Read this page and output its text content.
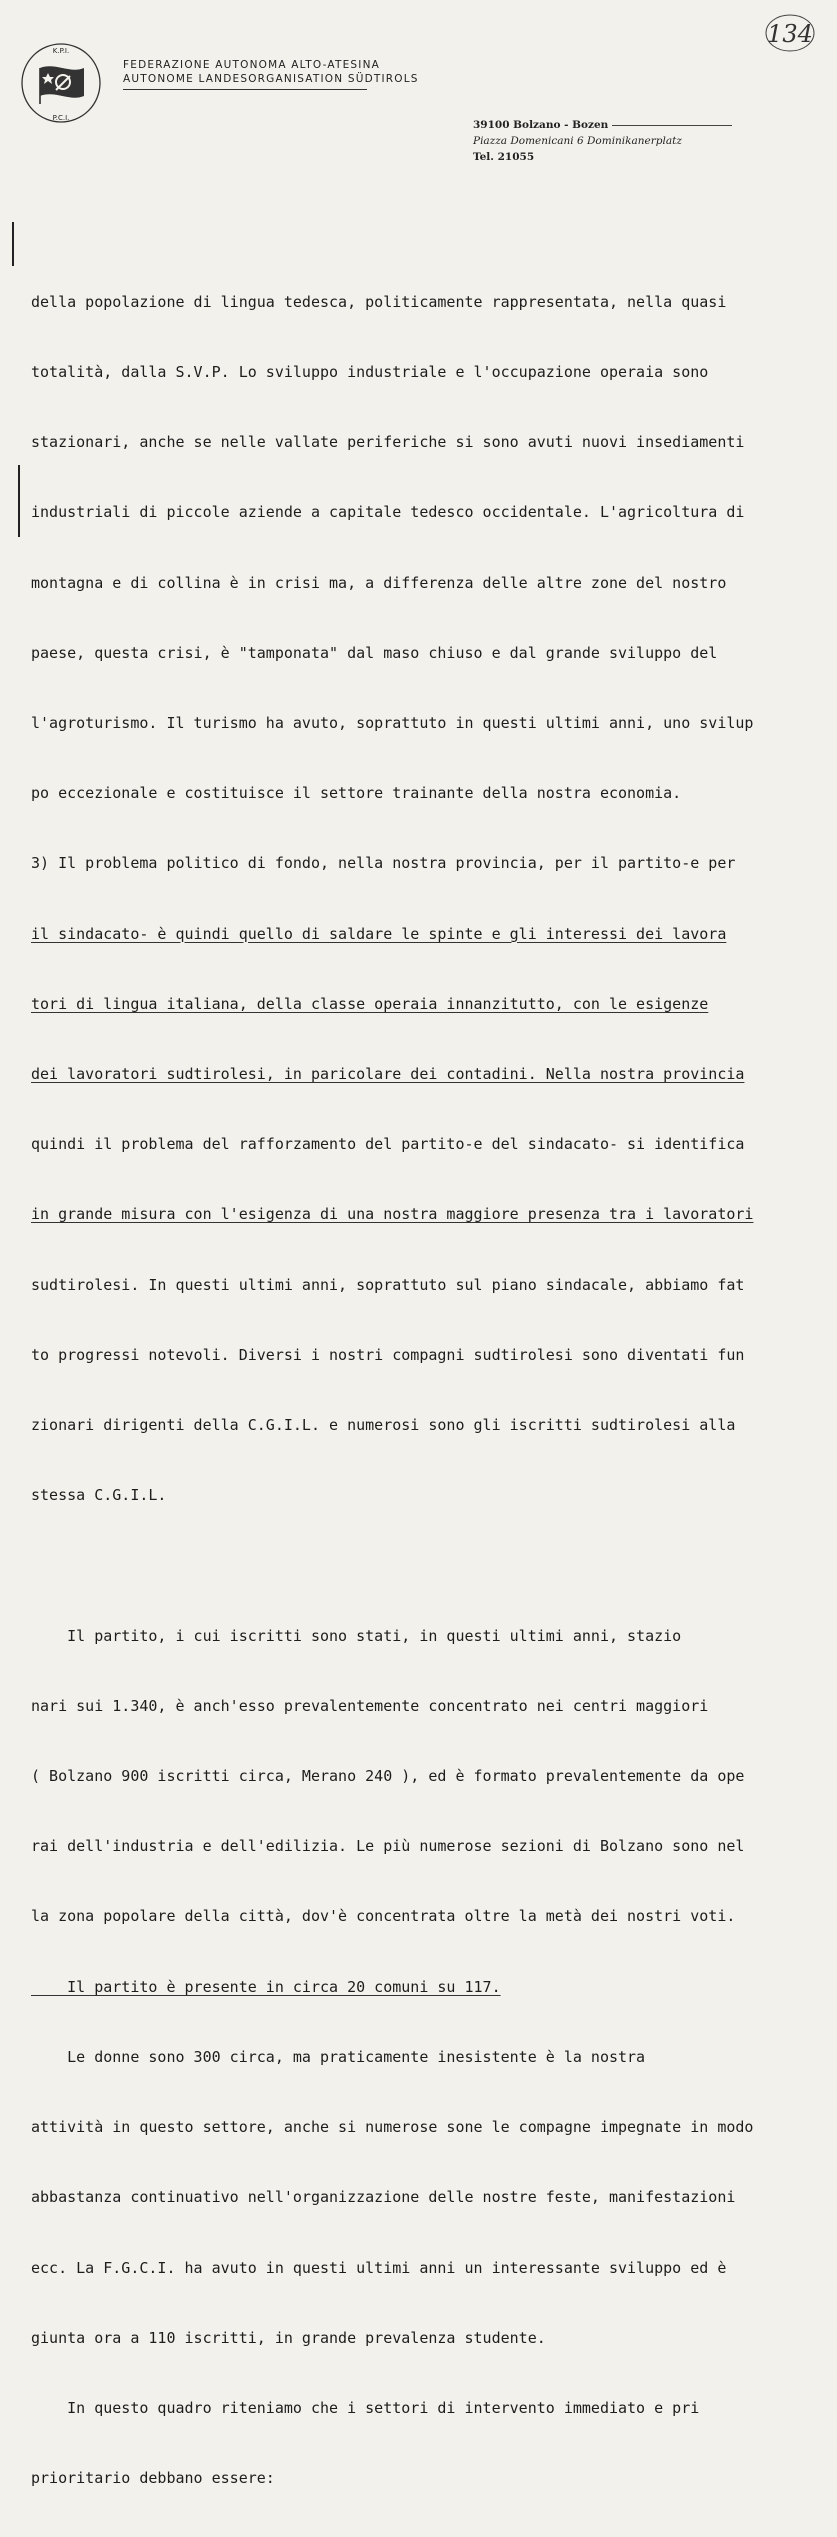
K.P.I.
P.C.I.
FEDERAZIONE AUTONOMA ALTO-ATESINA
AUTONOME LANDESORGANISATION SÜDTIROLS
134
39100 Bolzano - Bozen
Piazza Domenicani 6 Dominikanerplatz
Tel. 21055

della popolazione di lingua tedesca, politicamente rappresentata, nella quasi

totalità, dalla S.V.P. Lo sviluppo industriale e l'occupazione operaia sono

stazionari, anche se nelle vallate periferiche si sono avuti nuovi insediamenti

industriali di piccole aziende a capitale tedesco occidentale. L'agricoltura di

montagna e di collina è in crisi ma, a differenza delle altre zone del nostro

paese, questa crisi, è "tamponata" dal maso chiuso e dal grande sviluppo del

l'agroturismo. Il turismo ha avuto, soprattuto in questi ultimi anni, uno svilup

po eccezionale e costituisce il settore trainante della nostra economia.

3) Il problema politico di fondo, nella nostra provincia, per il partito-e per

il sindacato- è quindi quello di saldare le spinte e gli interessi dei lavora

tori di lingua italiana, della classe operaia innanzitutto, con le esigenze

dei lavoratori sudtirolesi, in paricolare dei contadini. Nella nostra provincia

quindi il problema del rafforzamento del partito-e del sindacato- si identifica

in grande misura con l'esigenza di una nostra maggiore presenza tra i lavoratori

sudtirolesi. In questi ultimi anni, soprattuto sul piano sindacale, abbiamo fat

to progressi notevoli. Diversi i nostri compagni sudtirolesi sono diventati fun

zionari dirigenti della C.G.I.L. e numerosi sono gli iscritti sudtirolesi alla

stessa C.G.I.L.

Il partito, i cui iscritti sono stati, in questi ultimi anni, stazio

nari sui 1.340, è anch'esso prevalentemente concentrato nei centri maggiori

( Bolzano 900 iscritti circa, Merano 240 ), ed è formato prevalentemente da ope

rai dell'industria e dell'edilizia. Le più numerose sezioni di Bolzano sono nel

la zona popolare della città, dov'è concentrata oltre la metà dei nostri voti.

Il partito è presente in circa 20 comuni su 117.

Le donne sono 300 circa, ma praticamente inesistente è la nostra

attività in questo settore, anche si numerose sone le compagne impegnate in modo

abbastanza continuativo nell'organizzazione delle nostre feste, manifestazioni

ecc. La F.G.C.I. ha avuto in questi ultimi anni un interessante sviluppo ed è

giunta ora a 110 iscritti, in grande prevalenza studente.

In questo quadro riteniamo che i settori di intervento immediato e pri

prioritario debbano essere:
